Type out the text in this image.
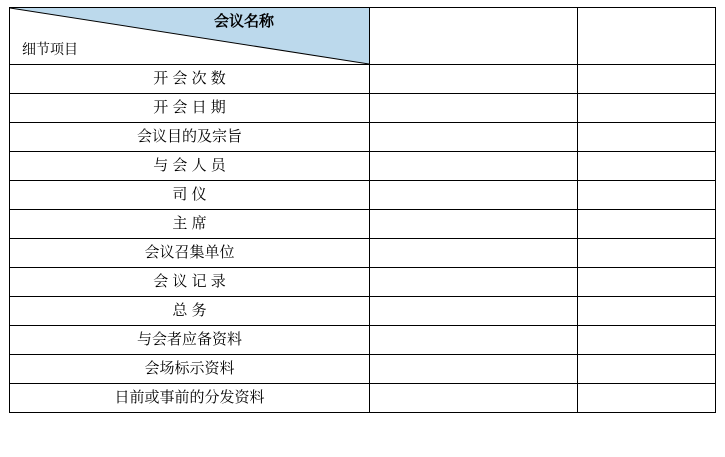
会议名称
细节项目		

开 会 次 数		
开 会 日 期		
会议目的及宗旨		
与 会 人 员		
司 仪		
主 席		
会议召集单位		
会 议 记 录		
总 务		
与会者应备资料		
会场标示资料		
日前或事前的分发资料		
